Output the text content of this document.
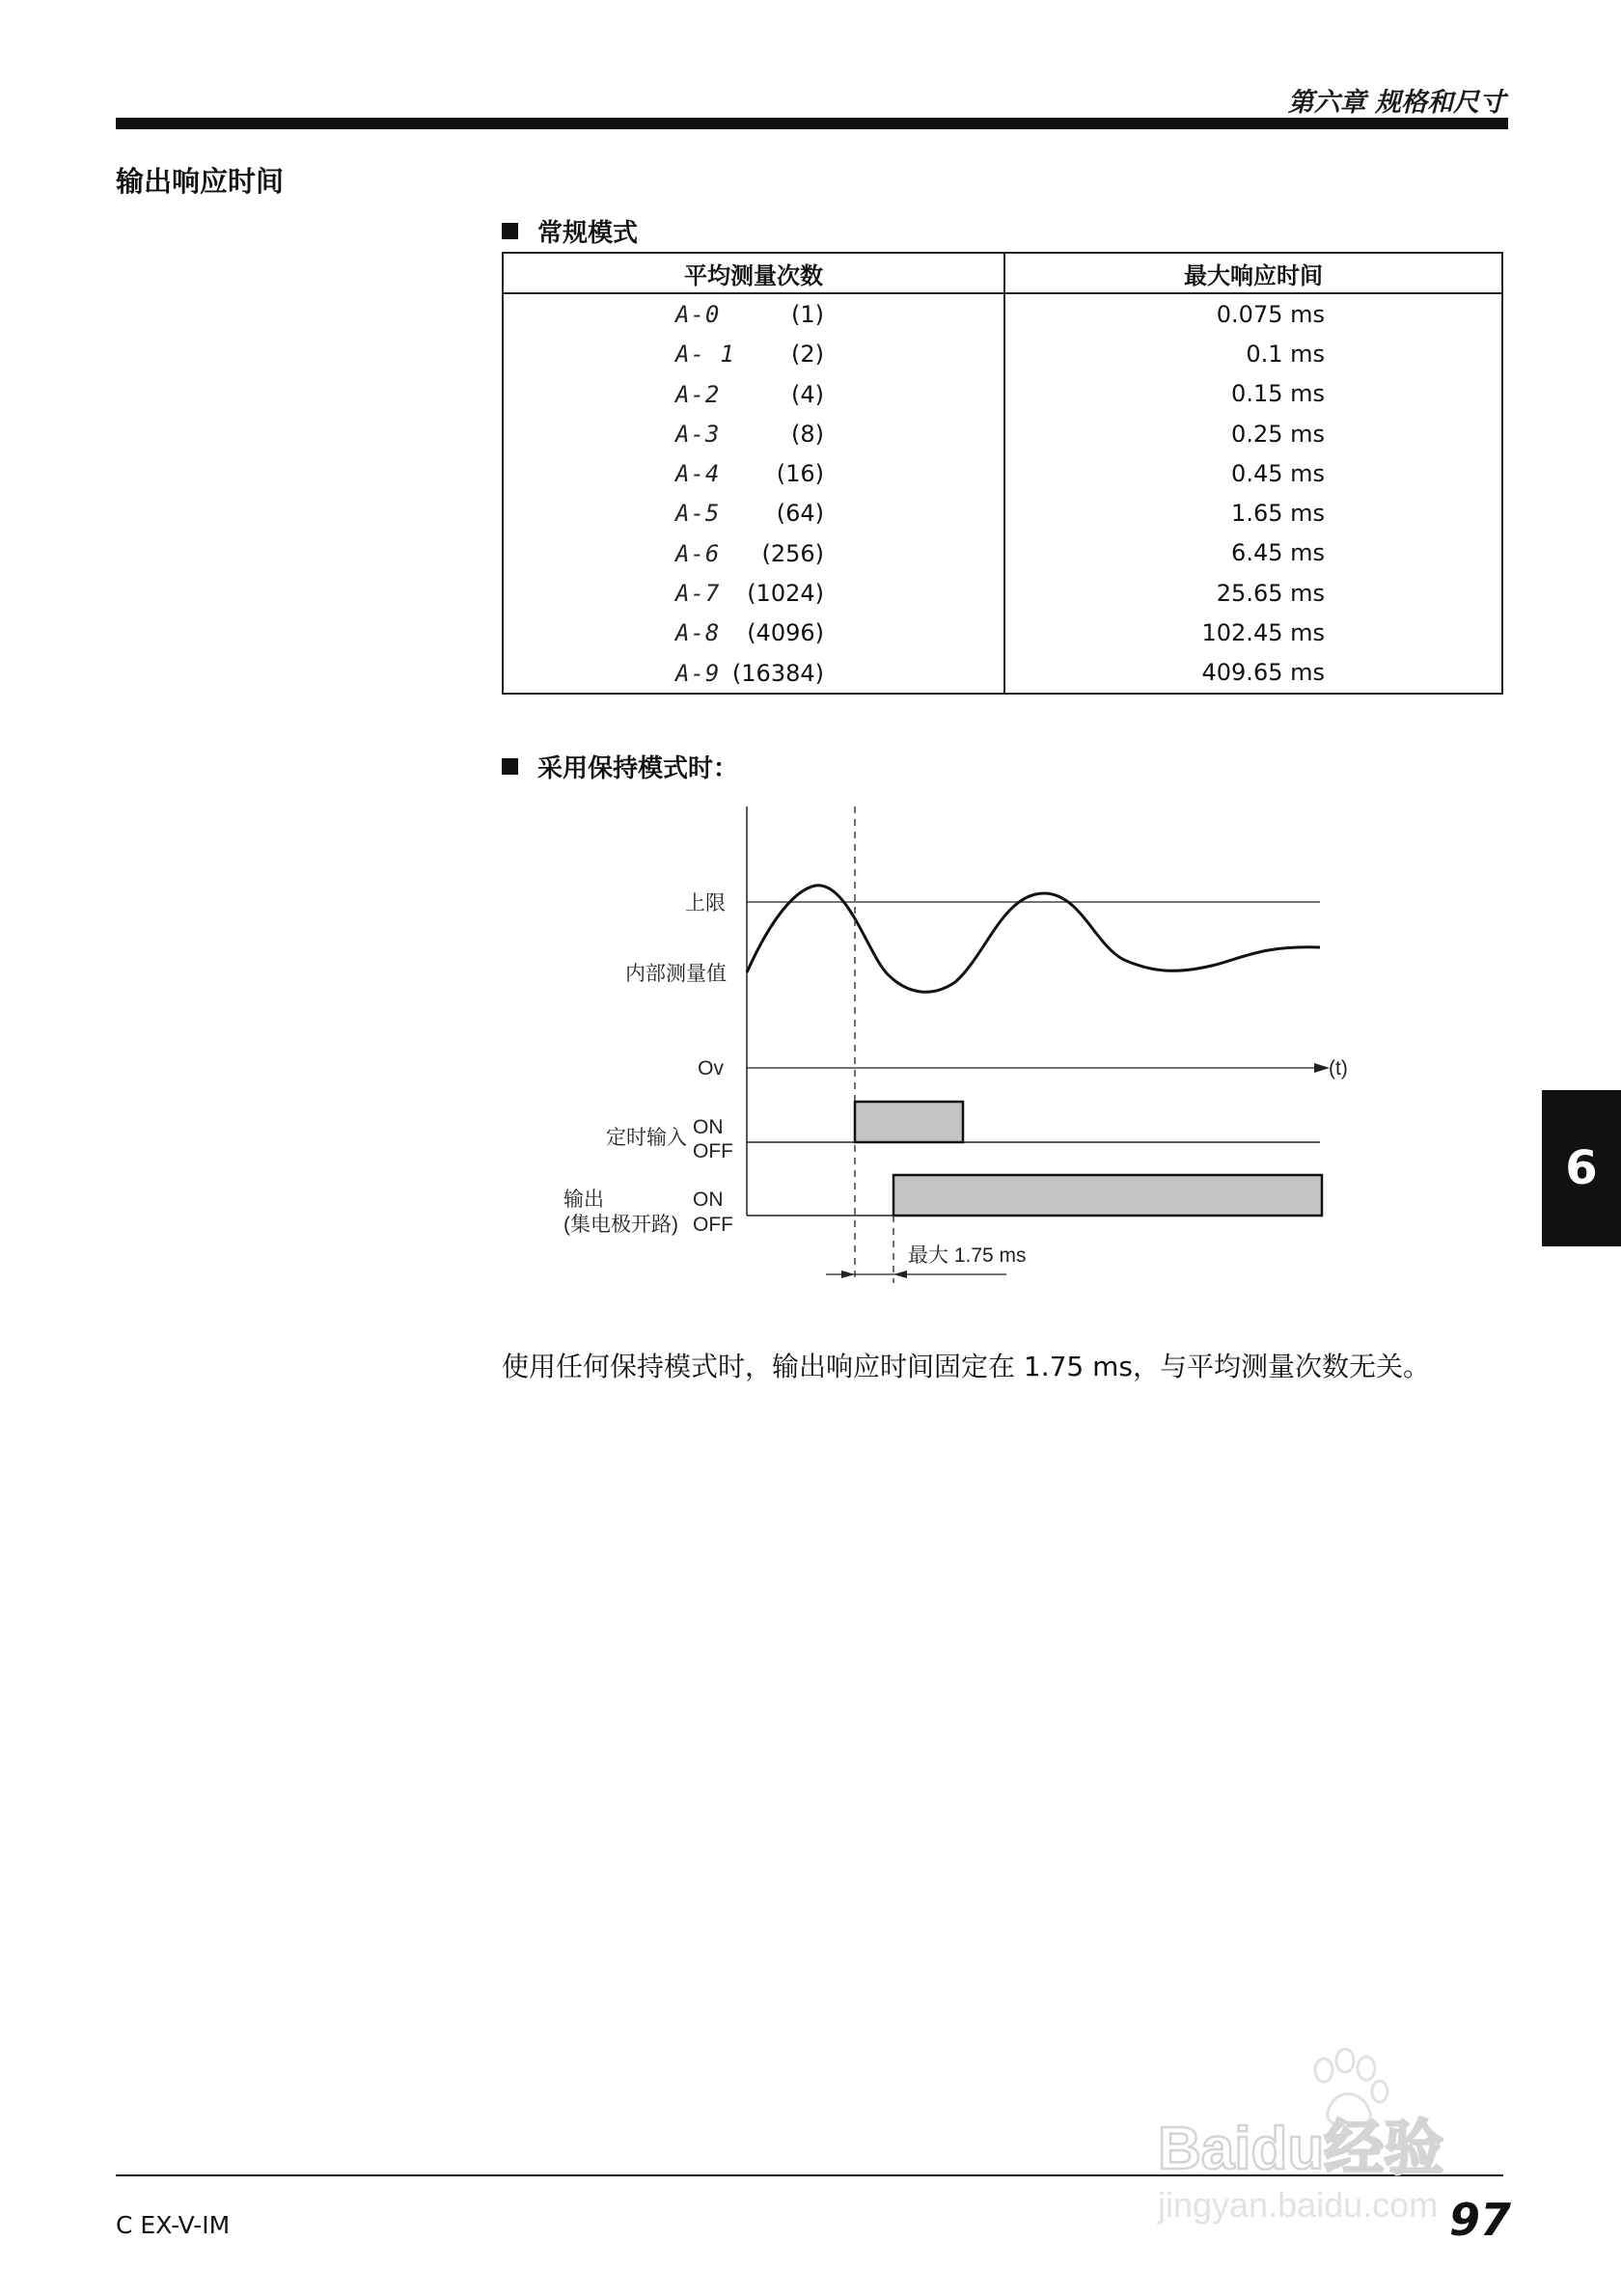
第六章 规格和尺寸
输出响应时间
常规模式
平均测量次数	最大响应时间

A-0 (1)	0.075 ms

A- 1 (2)	0.1 ms

A-2 (4)	0.15 ms

A-3 (8)	0.25 ms

A-4 (16)	0.45 ms

A-5 (64)	1.65 ms

A-6 (256)	6.45 ms

A-7 (1024)	25.65 ms

A-8 (4096)	102.45 ms

A-9 (16384)	409.65 ms
采用保持模式时：
上限
内部测量值
Ov	(t)
定时输入 ON
OFF
输出
(集电极开路)
ON
OFF
最大 1.75 ms
使用任何保持模式时，输出响应时间固定在 1.75 ms，与平均测量次数无关。
6
C EX-V-IM	97
Baidu经验
jingyan.baidu.com
